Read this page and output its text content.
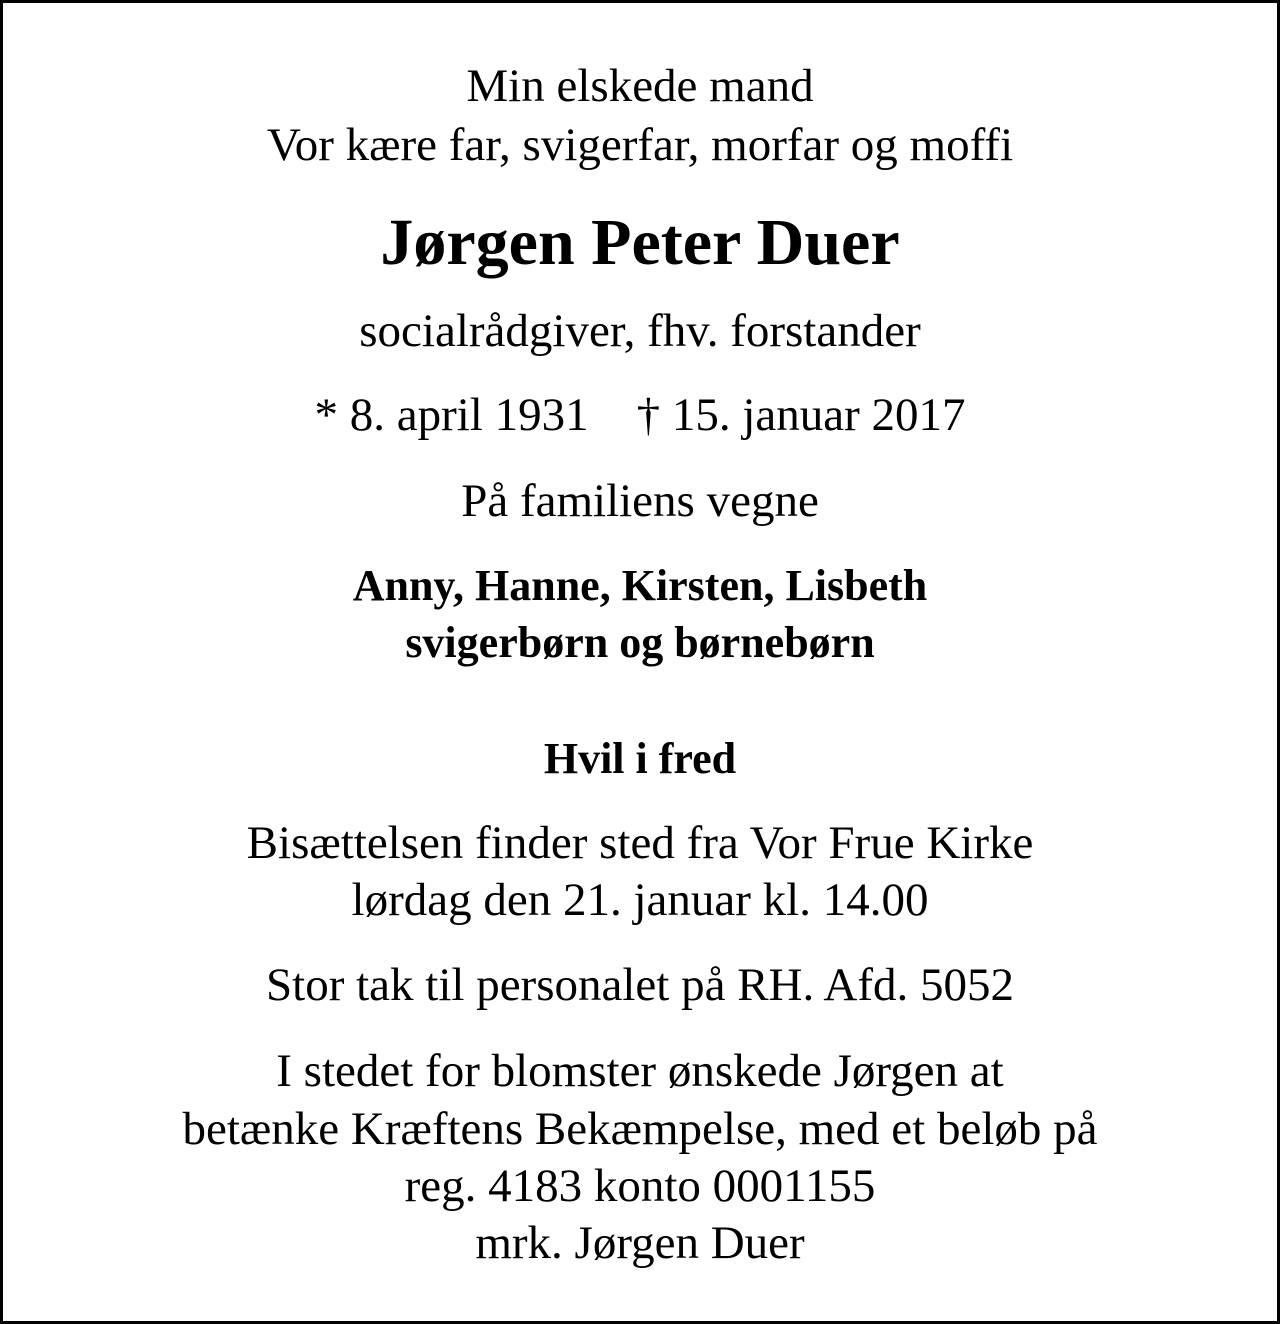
Min elskede mand

Vor kære far, svigerfar, morfar og moffi

Jørgen Peter Duer

socialrådgiver, fhv. forstander

* 8. april 1931 † 15. januar 2017

På familiens vegne

Anny, Hanne, Kirsten, Lisbeth

svigerbørn og børnebørn

Hvil i fred

Bisættelsen finder sted fra Vor Frue Kirke

lørdag den 21. januar kl. 14.00

Stor tak til personalet på RH. Afd. 5052

I stedet for blomster ønskede Jørgen at

betænke Kræftens Bekæmpelse, med et beløb på

reg. 4183 konto 0001155

mrk. Jørgen Duer
